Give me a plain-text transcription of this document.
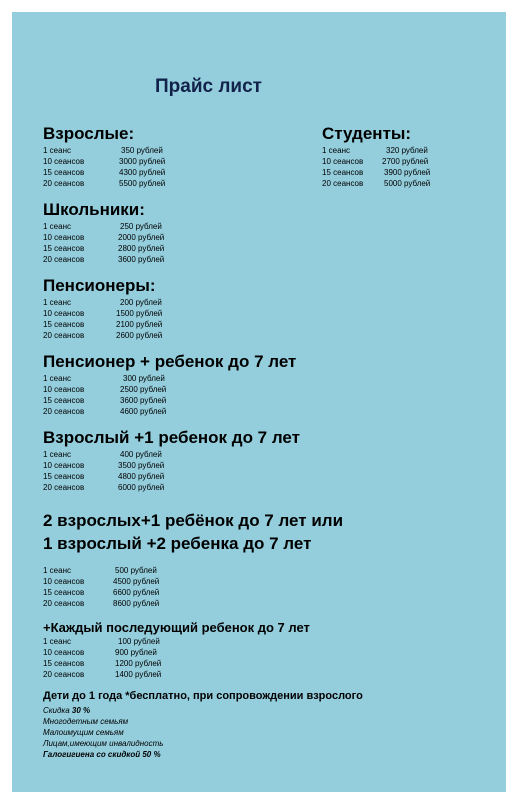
Прайс лист
Взрослые:
1 сеанс	350 рублей
10 сеансов	3000 рублей
15 сеансов	4300 рублей
20 сеансов	5500 рублей
Студенты:
1 сеанс	320 рублей
10 сеансов	2700 рублей
15 сеансов	3900 рублей
20 сеансов	5000 рублей
Школьники:
1 сеанс	250 рублей
10 сеансов	2000 рублей
15 сеансов	2800 рублей
20 сеансов	3600 рублей
Пенсионеры:
1 сеанс	200 рублей
10 сеансов	1500 рублей
15 сеансов	2100 рублей
20 сеансов	2600 рублей
Пенсионер + ребенок до 7 лет
1 сеанс	300 рублей
10 сеансов	2500 рублей
15 сеансов	3600 рублей
20 сеансов	4600 рублей
Взрослый +1 ребенок до 7 лет
1 сеанс	400 рублей
10 сеансов	3500 рублей
15 сеансов	4800 рублей
20 сеансов	6000 рублей
2 взрослых+1 ребёнок до 7 лет или
1 взрослый +2 ребенка до 7 лет
1 сеанс	500 рублей
10 сеансов	4500 рублей
15 сеансов	6600 рублей
20 сеансов	8600 рублей
+Каждый последующий ребенок до 7 лет
1 сеанс	100 рублей
10 сеансов	900 рублей
15 сеансов	1200 рублей
20 сеансов	1400 рублей
Дети до 1 года *бесплатно, при сопровождении взрослого
Скидка 30 %
Многодетным семьям
Малоимущим семьям
Лицам,имеющим инвалидность
Галогигиена со скидкой 50 %
